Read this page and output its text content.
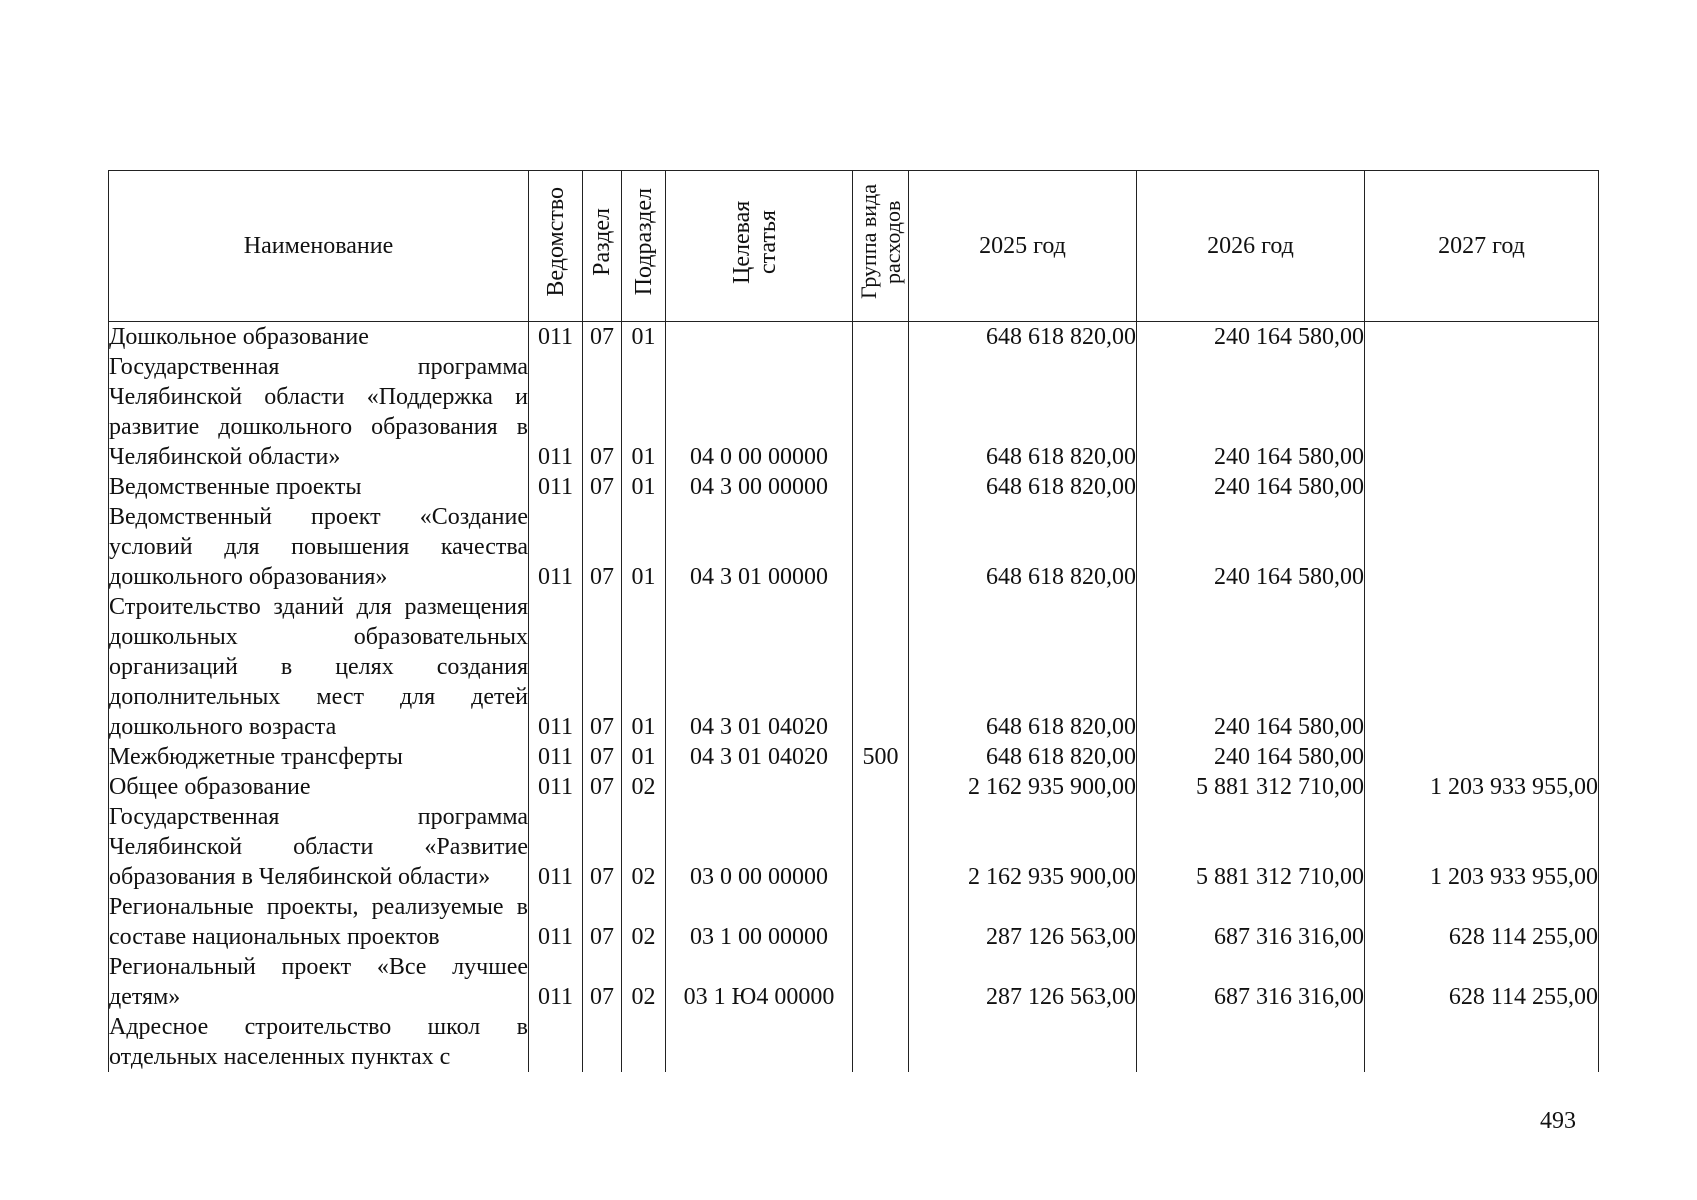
Наименование	Ведомство	Раздел	Подраздел	Целевая статья	Группа вида расходов	2025 год	2026 год	2027 год
Дошкольное образование	011	07	01			648 618 820,00	240 164 580,00	
Государственная программа Челябинской области «Поддержка и развитие дошкольного образования в Челябинской области»	011	07	01	04 0 00 00000		648 618 820,00	240 164 580,00	
Ведомственные проекты	011	07	01	04 3 00 00000		648 618 820,00	240 164 580,00	
Ведомственный проект «Создание условий для повышения качества дошкольного образования»	011	07	01	04 3 01 00000		648 618 820,00	240 164 580,00	
Строительство зданий для размещения дошкольных образовательных организаций в целях создания дополнительных мест для детей дошкольного возраста	011	07	01	04 3 01 04020		648 618 820,00	240 164 580,00	
Межбюджетные трансферты	011	07	01	04 3 01 04020	500	648 618 820,00	240 164 580,00	
Общее образование	011	07	02			2 162 935 900,00	5 881 312 710,00	1 203 933 955,00
Государственная программа Челябинской области «Развитие образования в Челябинской области»	011	07	02	03 0 00 00000		2 162 935 900,00	5 881 312 710,00	1 203 933 955,00
Региональные проекты, реализуемые в составе национальных проектов	011	07	02	03 1 00 00000		287 126 563,00	687 316 316,00	628 114 255,00
Региональный проект «Все лучшее детям»	011	07	02	03 1 Ю4 00000		287 126 563,00	687 316 316,00	628 114 255,00
Адресное строительство школ в отдельных населенных пунктах с								
493
